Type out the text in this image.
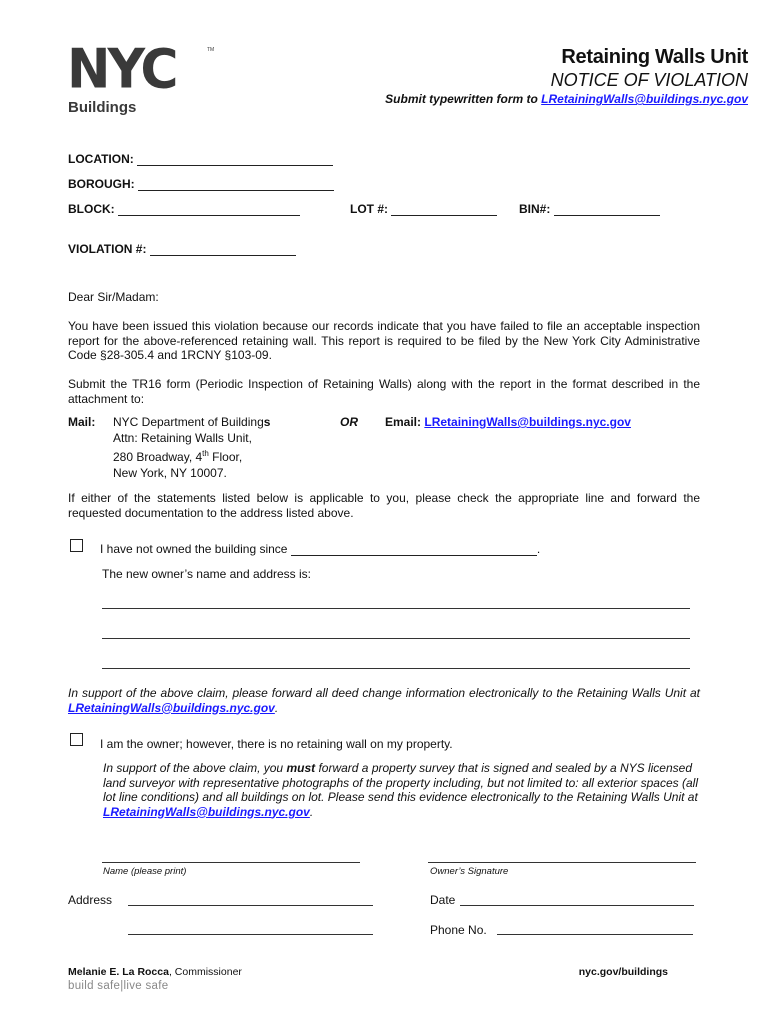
NYC	TM
Buildings
Retaining Walls Unit
NOTICE OF VIOLATION
Submit typewritten form to LRetainingWalls@buildings.nyc.gov
LOCATION:
BOROUGH:
BLOCK:	LOT #:	BIN#:
VIOLATION #:
Dear Sir/Madam:
You have been issued this violation because our records indicate that you have failed to file an acceptable inspection report for the above-referenced retaining wall. This report is required to be filed by the New York City Administrative Code §28-305.4 and 1RCNY §103-09.
Submit the TR16 form (Periodic Inspection of Retaining Walls) along with the report in the format described in the attachment to:
Mail: NYC Department of Buildings
Attn: Retaining Walls Unit,
280 Broadway, 4th Floor,
New York, NY 10007.
OR Email: LRetainingWalls@buildings.nyc.gov
If either of the statements listed below is applicable to you, please check the appropriate line and forward the requested documentation to the address listed above.
I have not owned the building since	.
The new owner’s name and address is:
In support of the above claim, please forward all deed change information electronically to the Retaining Walls Unit at LRetainingWalls@buildings.nyc.gov.
I am the owner; however, there is no retaining wall on my property.
In support of the above claim, you must forward a property survey that is signed and sealed by a NYS licensed land surveyor with representative photographs of the property including, but not limited to: all exterior spaces (all lot line conditions) and all buildings on lot. Please send this evidence electronically to the Retaining Walls Unit at LRetainingWalls@buildings.nyc.gov.
Name (please print)	Owner’s Signature
Address	Date
Phone No.
Melanie E. La Rocca, Commissioner
build safe|live safe
nyc.gov/buildings
